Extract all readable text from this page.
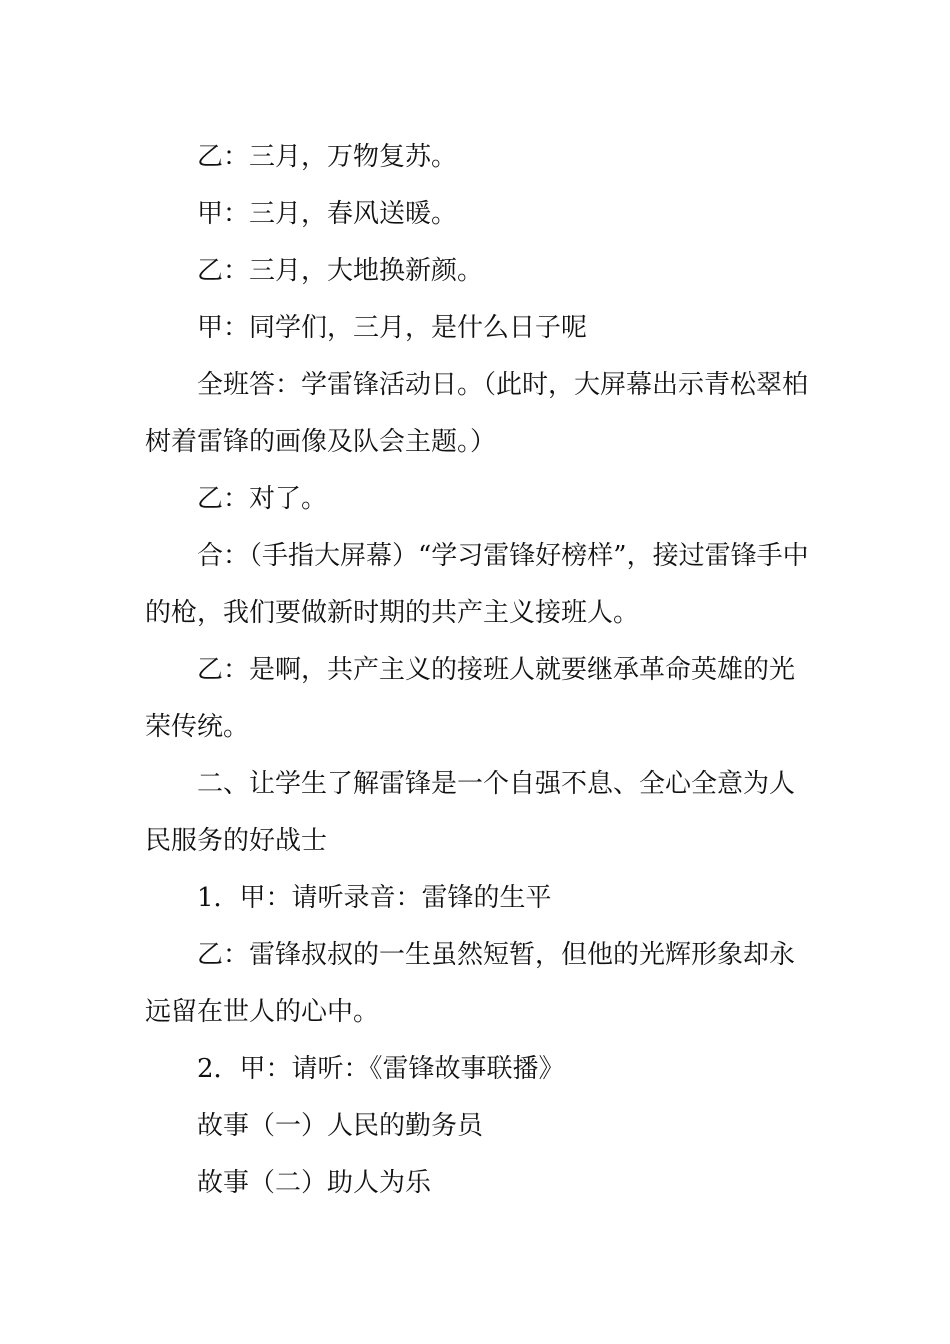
乙：三月，万物复苏。

甲：三月，春风送暖。

乙：三月，大地换新颜。

甲：同学们，三月，是什么日子呢

全班答：学雷锋活动日。（此时，大屏幕出示青松翠柏树着雷锋的画像及队会主题。）

乙：对了。

合：（手指大屏幕）“学习雷锋好榜样”，接过雷锋手中的枪，我们要做新时期的共产主义接班人。

乙：是啊，共产主义的接班人就要继承革命英雄的光荣传统。

二、让学生了解雷锋是一个自强不息、全心全意为人民服务的好战士

1．甲：请听录音：雷锋的生平

乙：雷锋叔叔的一生虽然短暂，但他的光辉形象却永远留在世人的心中。

2．甲：请听：《雷锋故事联播》

故事（一）人民的勤务员

故事（二）助人为乐
